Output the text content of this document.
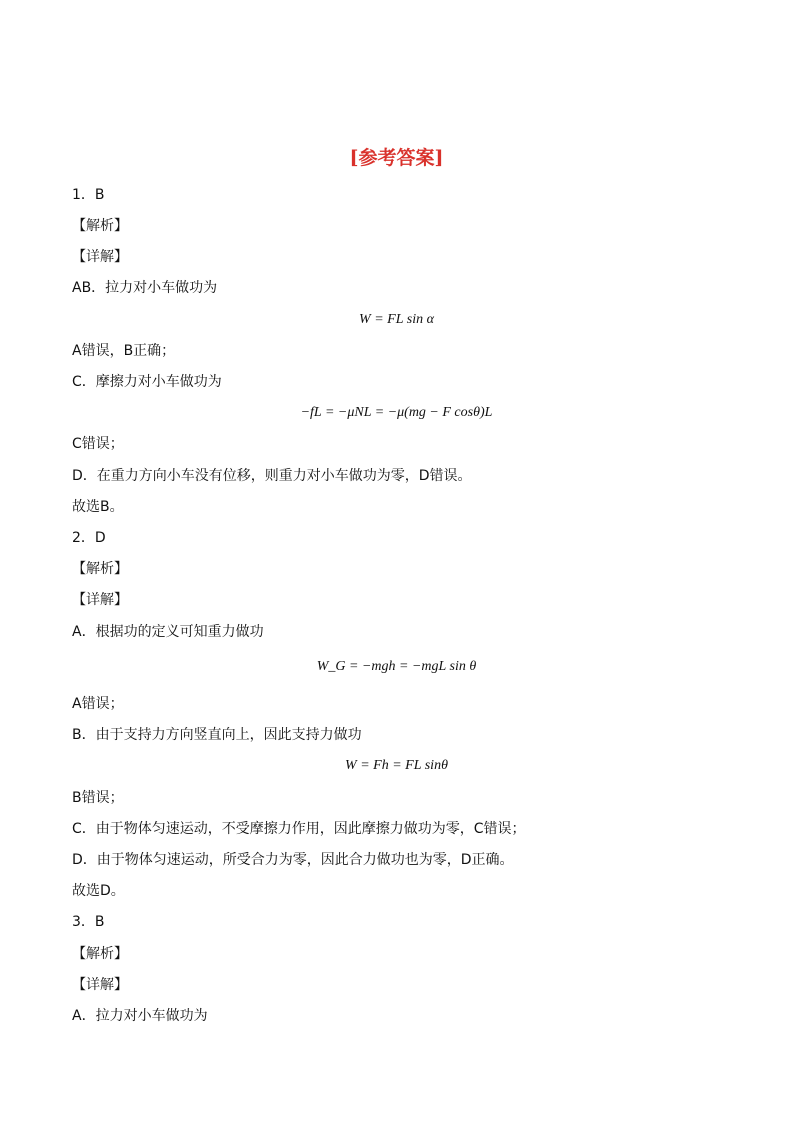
[参考答案]
1．B
【解析】
【详解】
AB．拉力对小车做功为
W = FL sin α
A错误，B正确；
C．摩擦力对小车做功为
−fL = −μNL = −μ(mg − F cosθ)L
C错误；
D．在重力方向小车没有位移，则重力对小车做功为零，D错误。
故选B。
2．D
【解析】
【详解】
A．根据功的定义可知重力做功
W_G = −mgh = −mgL sin θ
A错误；
B．由于支持力方向竖直向上，因此支持力做功
W = Fh = FL sinθ
B错误；
C．由于物体匀速运动，不受摩擦力作用，因此摩擦力做功为零，C错误；
D．由于物体匀速运动，所受合力为零，因此合力做功也为零，D正确。
故选D。
3．B
【解析】
【详解】
A．拉力对小车做功为
